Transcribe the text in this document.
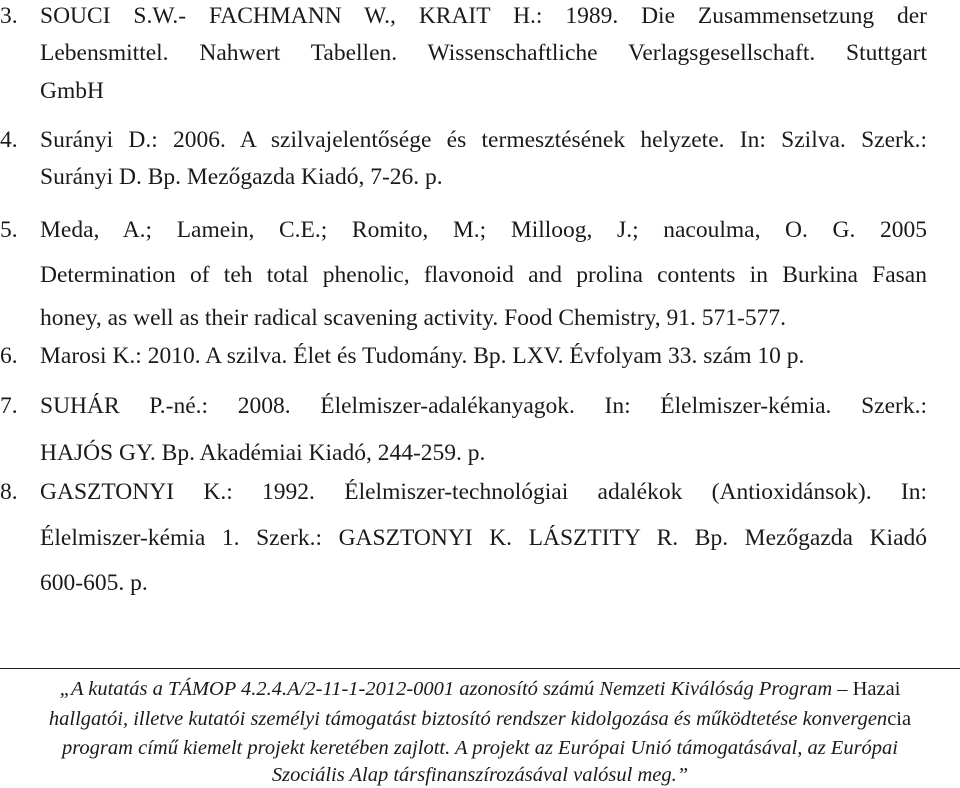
3. SOUCI S.W.- FACHMANN W., KRAIT H.: 1989. Die Zusammensetzung der
Lebensmittel. Nahwert Tabellen. Wissenschaftliche Verlagsgesellschaft. Stuttgart
GmbH
4. Surányi D.: 2006. A szilvajelentősége és termesztésének helyzete. In: Szilva. Szerk.:
Surányi D. Bp. Mezőgazda Kiadó, 7-26. p.
5. Meda, A.; Lamein, C.E.; Romito, M.; Milloog, J.; nacoulma, O. G. 2005
Determination of teh total phenolic, flavonoid and prolina contents in Burkina Fasan
honey, as well as their radical scavening activity. Food Chemistry, 91. 571-577.
6. Marosi K.: 2010. A szilva. Élet és Tudomány. Bp. LXV. Évfolyam 33. szám 10 p.
7. SUHÁR P.-né.: 2008. Élelmiszer-adalékanyagok. In: Élelmiszer-kémia. Szerk.:
HAJÓS GY. Bp. Akadémiai Kiadó, 244-259. p.
8. GASZTONYI K.: 1992. Élelmiszer-technológiai adalékok (Antioxidánsok). In:
Élelmiszer-kémia 1. Szerk.: GASZTONYI K. LÁSZTITY R. Bp. Mezőgazda Kiadó
600-605. p.
„A kutatás a TÁMOP 4.2.4.A/2-11-1-2012-0001 azonosító számú Nemzeti Kiválóság Program – Hazai
hallgatói, illetve kutatói személyi támogatást biztosító rendszer kidolgozása és működtetése konvergencia
program című kiemelt projekt keretében zajlott. A projekt az Európai Unió támogatásával, az Európai
Szociális Alap társfinanszírozásával valósul meg.”
